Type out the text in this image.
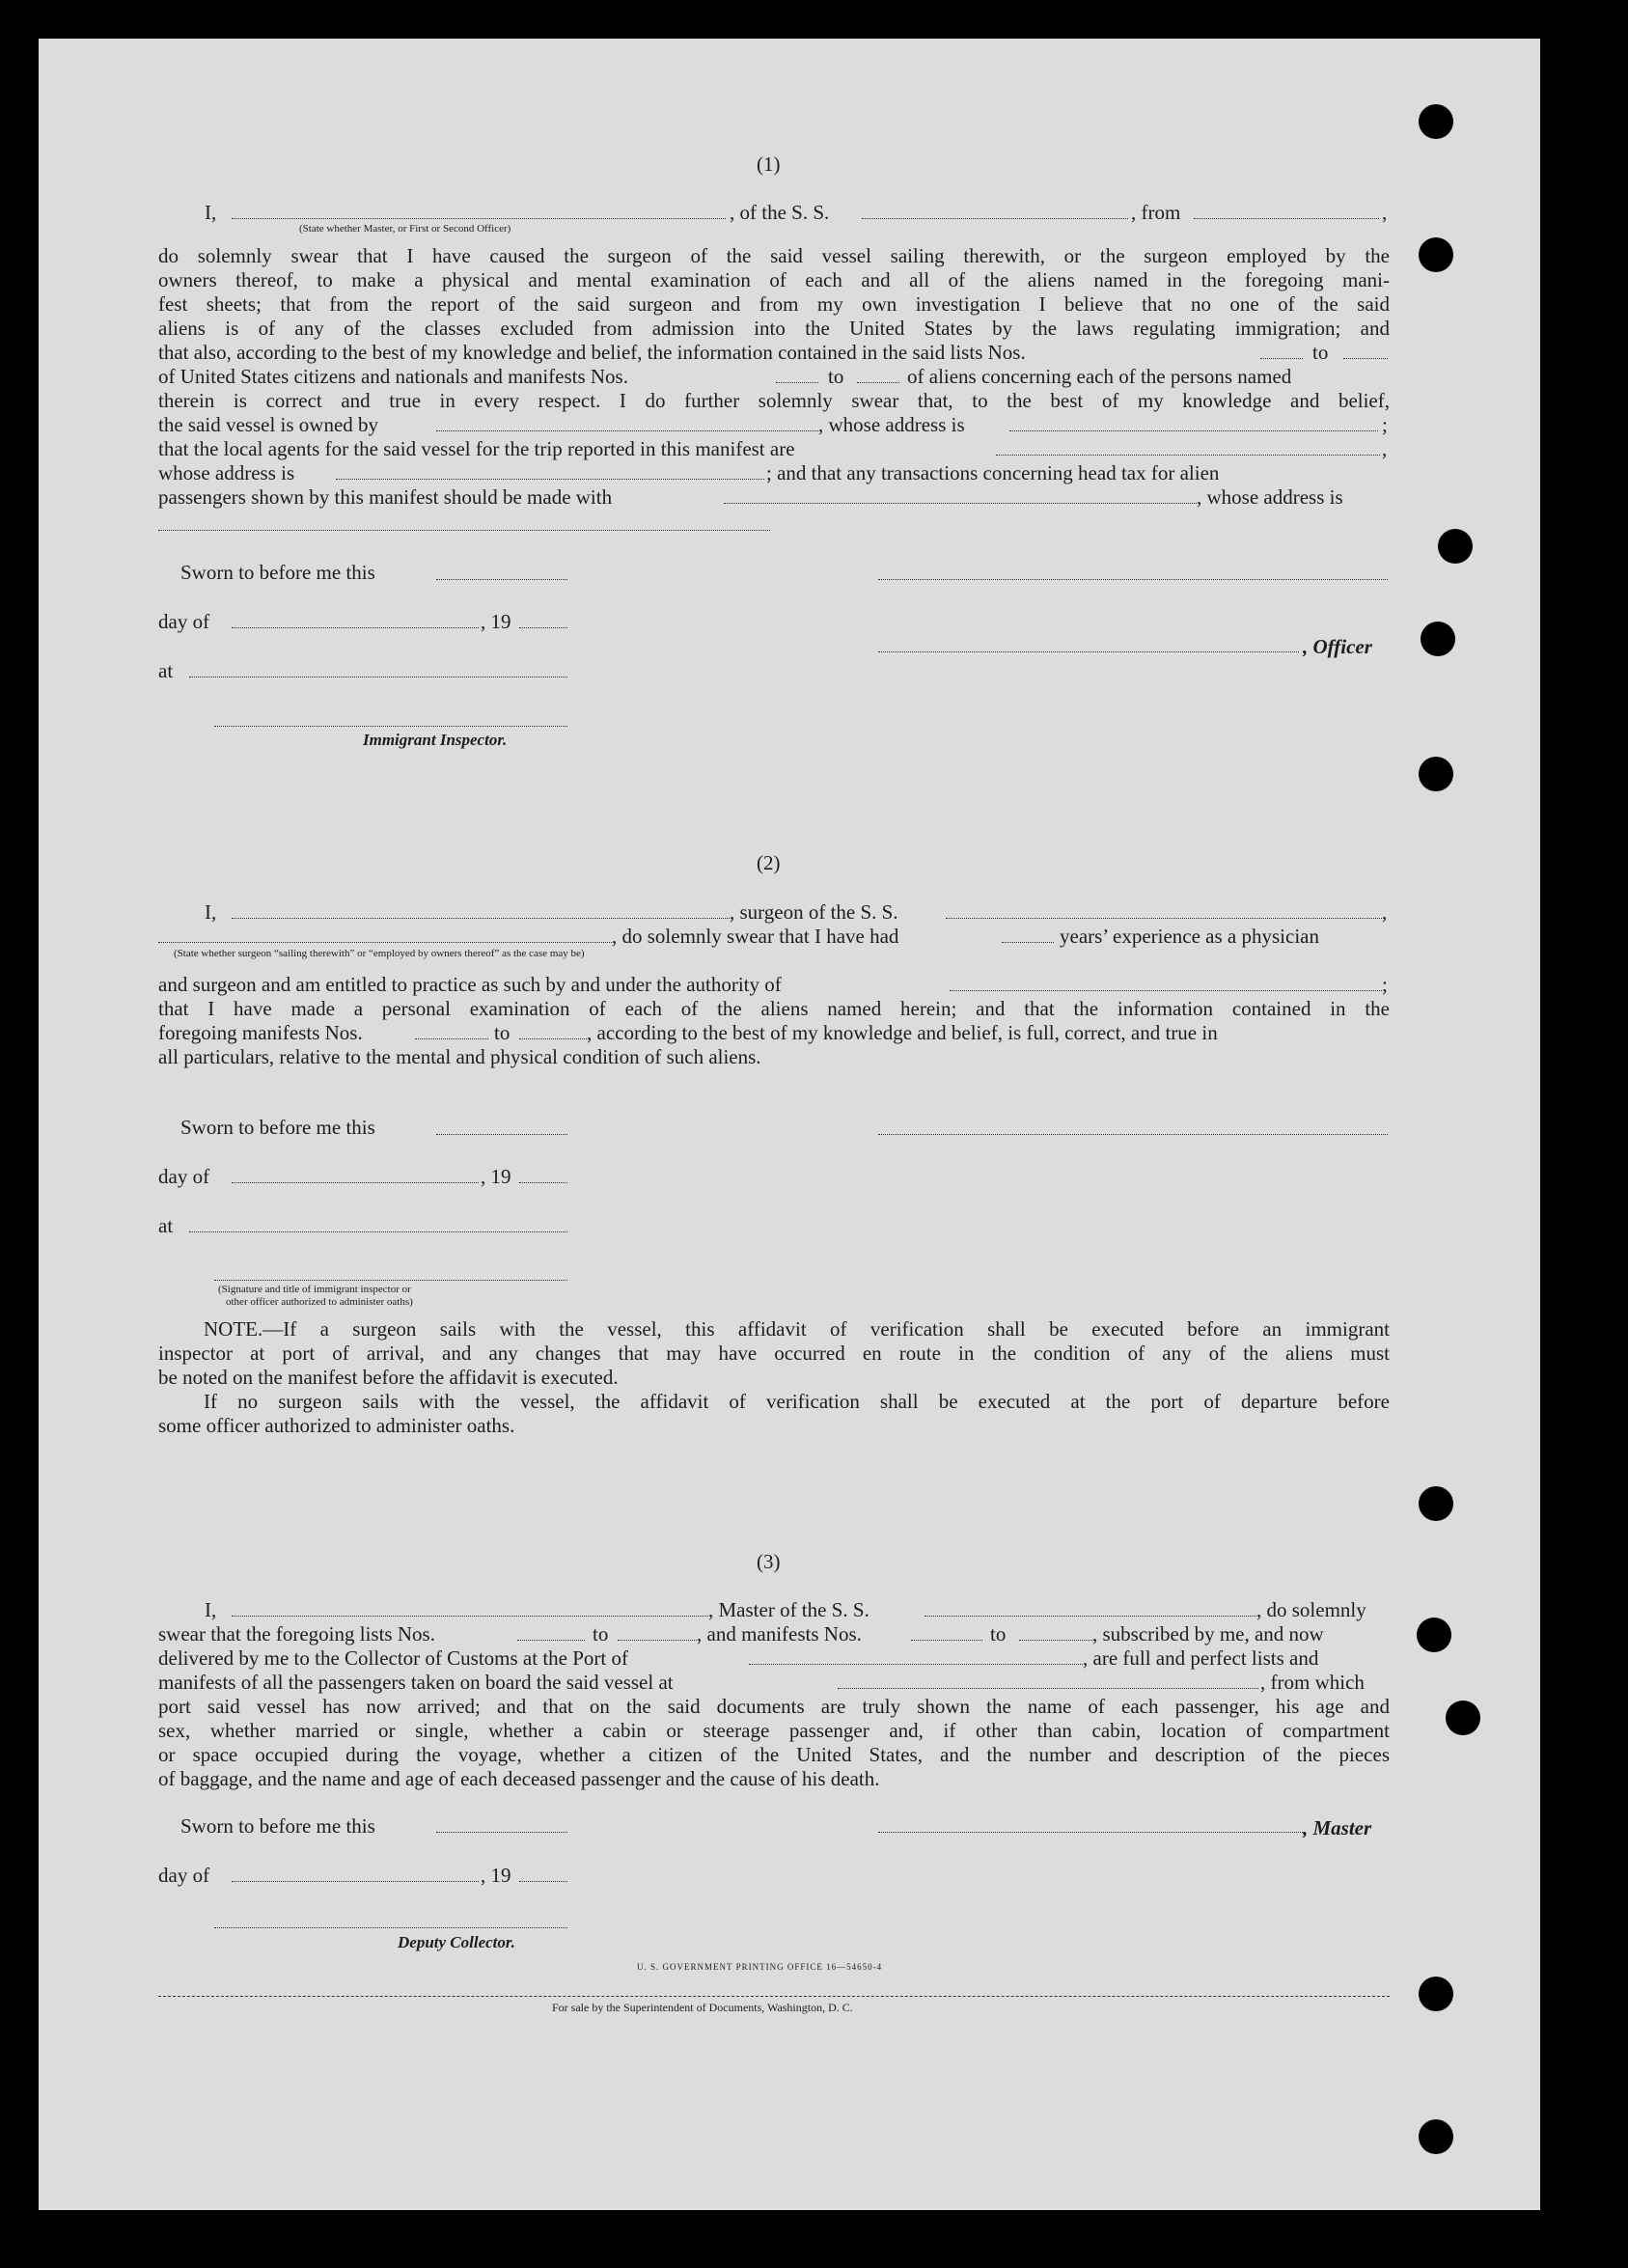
(1)
I,	, of the S. S.	, from	,
(State whether Master, or First or Second Officer)
do solemnly swear that I have caused the surgeon of the said vessel sailing therewith, or the surgeon employed by the
owners thereof, to make a physical and mental examination of each and all of the aliens named in the foregoing mani-
fest sheets; that from the report of the said surgeon and from my own investigation I believe that no one of the said
aliens is of any of the classes excluded from admission into the United States by the laws regulating immigration; and
that also, according to the best of my knowledge and belief, the information contained in the said lists Nos.	to
of United States citizens and nationals and manifests Nos.	to	of aliens concerning each of the persons named
therein is correct and true in every respect. I do further solemnly swear that, to the best of my knowledge and belief,
the said vessel is owned by	, whose address is	;
that the local agents for the said vessel for the trip reported in this manifest are	,
whose address is	; and that any transactions concerning head tax for alien
passengers shown by this manifest should be made with	, whose address is
Sworn to before me this
day of	, 19
, Officer
at
Immigrant Inspector.
(2)
I,	, surgeon of the S. S.	,
, do solemnly swear that I have had	years’ experience as a physician
(State whether surgeon “sailing therewith” or “employed by owners thereof” as the case may be)
and surgeon and am entitled to practice as such by and under the authority of	;
that I have made a personal examination of each of the aliens named herein; and that the information contained in the
foregoing manifests Nos.	to	, according to the best of my knowledge and belief, is full, correct, and true in
all particulars, relative to the mental and physical condition of such aliens.
Sworn to before me this
day of	, 19
at
(Signature and title of immigrant inspector or
other officer authorized to administer oaths)
NOTE.—If a surgeon sails with the vessel, this affidavit of verification shall be executed before an immigrant
inspector at port of arrival, and any changes that may have occurred en route in the condition of any of the aliens must
be noted on the manifest before the affidavit is executed.
If no surgeon sails with the vessel, the affidavit of verification shall be executed at the port of departure before
some officer authorized to administer oaths.
(3)
I,	, Master of the S. S.	, do solemnly
swear that the foregoing lists Nos.	to	, and manifests Nos.	to	, subscribed by me, and now
delivered by me to the Collector of Customs at the Port of	, are full and perfect lists and
manifests of all the passengers taken on board the said vessel at	, from which
port said vessel has now arrived; and that on the said documents are truly shown the name of each passenger, his age and
sex, whether married or single, whether a cabin or steerage passenger and, if other than cabin, location of compartment
or space occupied during the voyage, whether a citizen of the United States, and the number and description of the pieces
of baggage, and the name and age of each deceased passenger and the cause of his death.
Sworn to before me this	, Master
day of	, 19
Deputy Collector.
U. S. GOVERNMENT PRINTING OFFICE 16—54650-4
For sale by the Superintendent of Documents, Washington, D. C.
